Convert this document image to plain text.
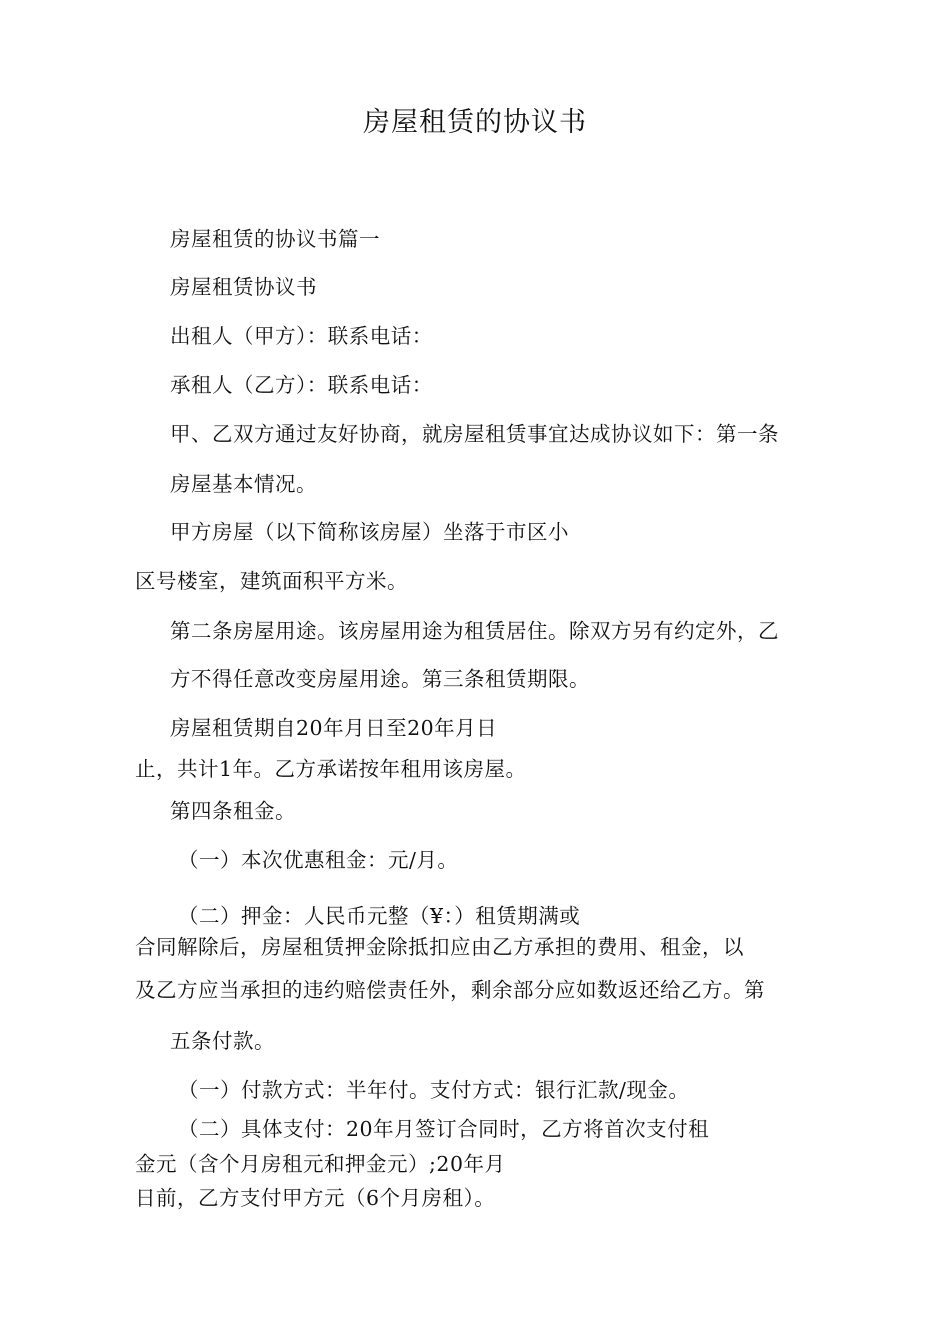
房屋租赁的协议书
房屋租赁的协议书篇一
房屋租赁协议书
出租人（甲方）：联系电话：
承租人（乙方）：联系电话：
甲、乙双方通过友好协商，就房屋租赁事宜达成协议如下：第一条
房屋基本情况。
甲方房屋（以下简称该房屋）坐落于市区小
区号楼室，建筑面积平方米。
第二条房屋用途。该房屋用途为租赁居住。除双方另有约定外，乙
方不得任意改变房屋用途。第三条租赁期限。
房屋租赁期自20年月日至20年月日
止，共计1年。乙方承诺按年租用该房屋。
第四条租金。
（一）本次优惠租金：元/月。
（二）押金：人民币元整（¥：）租赁期满或
合同解除后，房屋租赁押金除抵扣应由乙方承担的费用、租金，以
及乙方应当承担的违约赔偿责任外，剩余部分应如数返还给乙方。第
五条付款。
（一）付款方式：半年付。支付方式：银行汇款/现金。
（二）具体支付：20年月签订合同时，乙方将首次支付租
金元（含个月房租元和押金元）;20年月
日前，乙方支付甲方元（6个月房租）。
